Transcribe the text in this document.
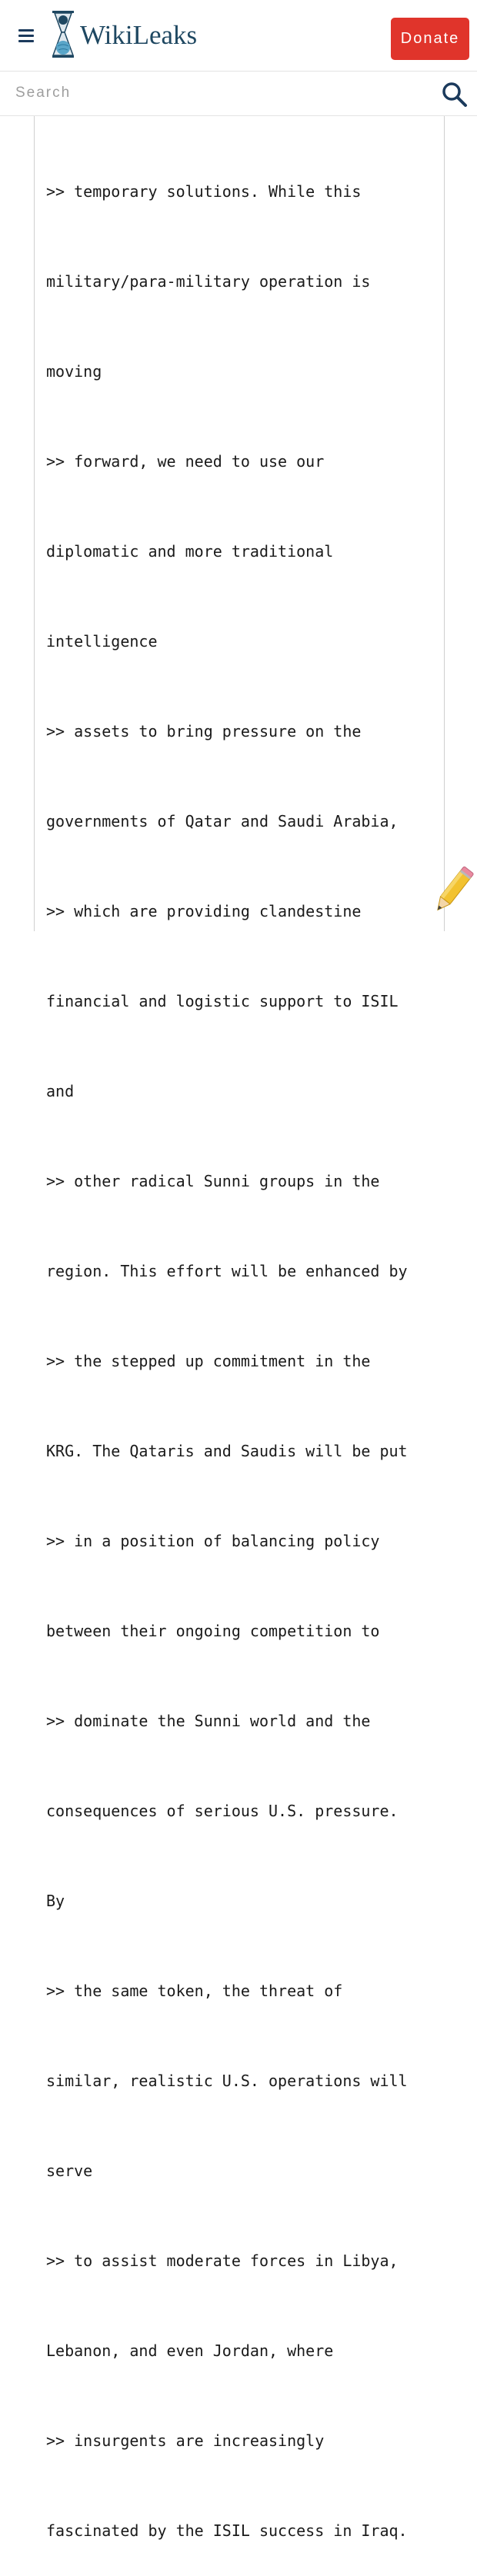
WikiLeaks	Donate
Search

>> temporary solutions. While this

military/para-military operation is

moving

>> forward, we need to use our

diplomatic and more traditional

intelligence

>> assets to bring pressure on the

governments of Qatar and Saudi Arabia,

>> which are providing clandestine

financial and logistic support to ISIL

and

>> other radical Sunni groups in the

region. This effort will be enhanced by

>> the stepped up commitment in the

KRG. The Qataris and Saudis will be put

>> in a position of balancing policy

between their ongoing competition to

>> dominate the Sunni world and the

consequences of serious U.S. pressure.

By

>> the same token, the threat of

similar, realistic U.S. operations will

serve

>> to assist moderate forces in Libya,

Lebanon, and even Jordan, where

>> insurgents are increasingly

fascinated by the ISIL success in Iraq.
